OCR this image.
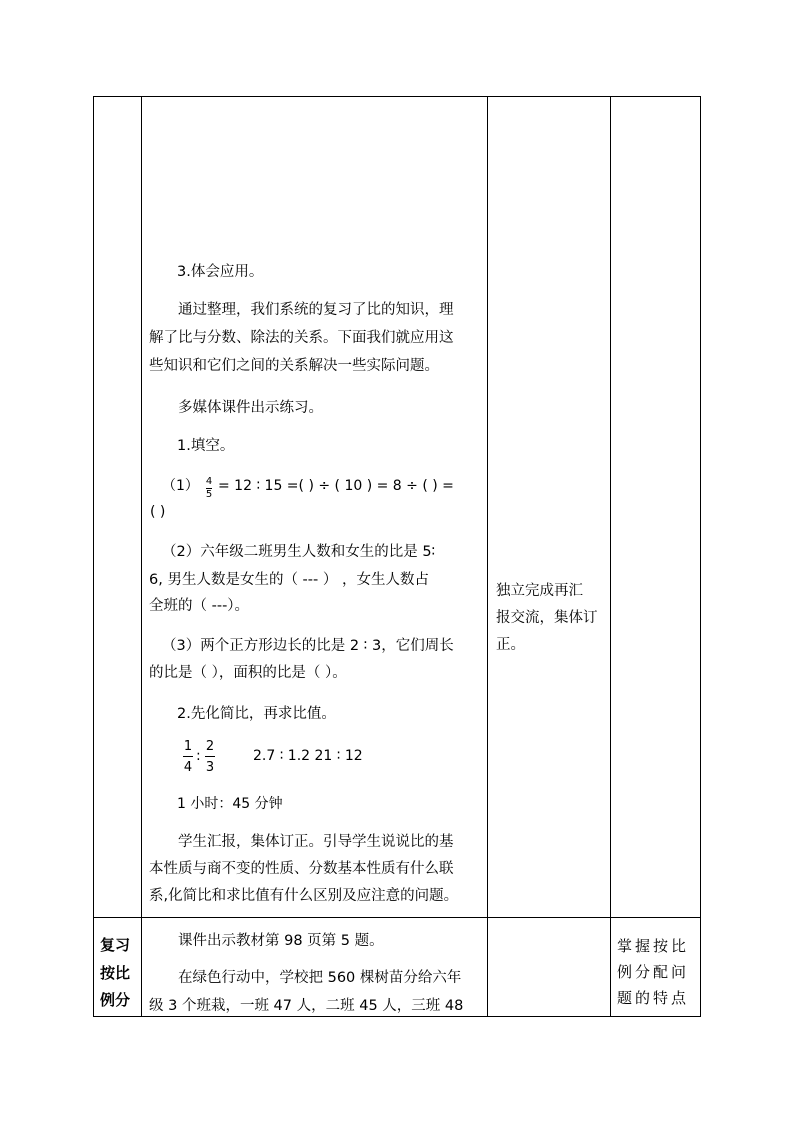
3.体会应用。
通过整理，我们系统的复习了比的知识，理
解了比与分数、除法的关系。下面我们就应用这
些知识和它们之间的关系解决一些实际问题。
多媒体课件出示练习。
1.填空。
（1） 4
5
= 12 ∶ 15 =( ) ÷ ( 10 ) = 8 ÷ ( ) =
( )
（2）六年级二班男生人数和女生的比是 5∶
6, 男生人数是女生的（ --- ） ，女生人数占
全班的（ ---）。
（3）两个正方形边长的比是 2 ∶ 3，它们周长
的比是（ ），面积的比是（ ）。
2.先化简比，再求比值。
1
4
:
2
3
2.7 ∶ 1.2 21 ∶ 12
1 小时：45 分钟
学生汇报，集体订正。引导学生说说比的基
本性质与商不变的性质、分数基本性质有什么联
系,化简比和求比值有什么区别及应注意的问题。
独立完成再汇
报交流，集体订
正。
复习
按比
例分
课件出示教材第 98 页第 5 题。
在绿色行动中，学校把 560 棵树苗分给六年
级 3 个班栽，一班 47 人，二班 45 人，三班 48
掌握按比
例分配问
题的特点
